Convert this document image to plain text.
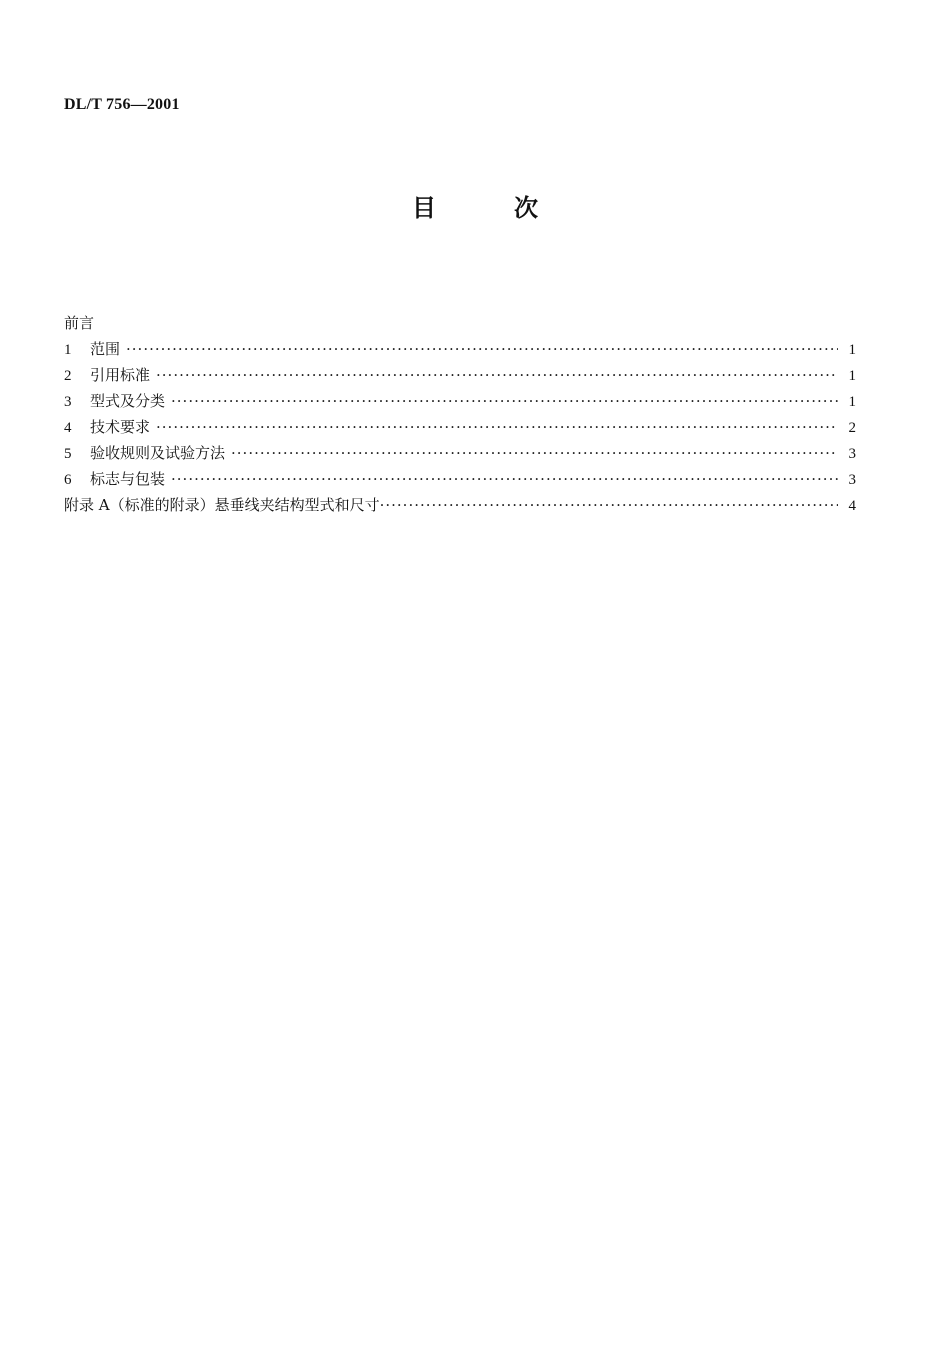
DL/T 756—2001
目	次
前言
1	范围 ·····	1
2	引用标准 ·····	1
3	型式及分类 ·····	1
4	技术要求 ·····	2
5	验收规则及试验方法 ·····	3
6	标志与包装 ·····	3
附录 A（标准的附录）悬垂线夹结构型式和尺寸 ·····	4
